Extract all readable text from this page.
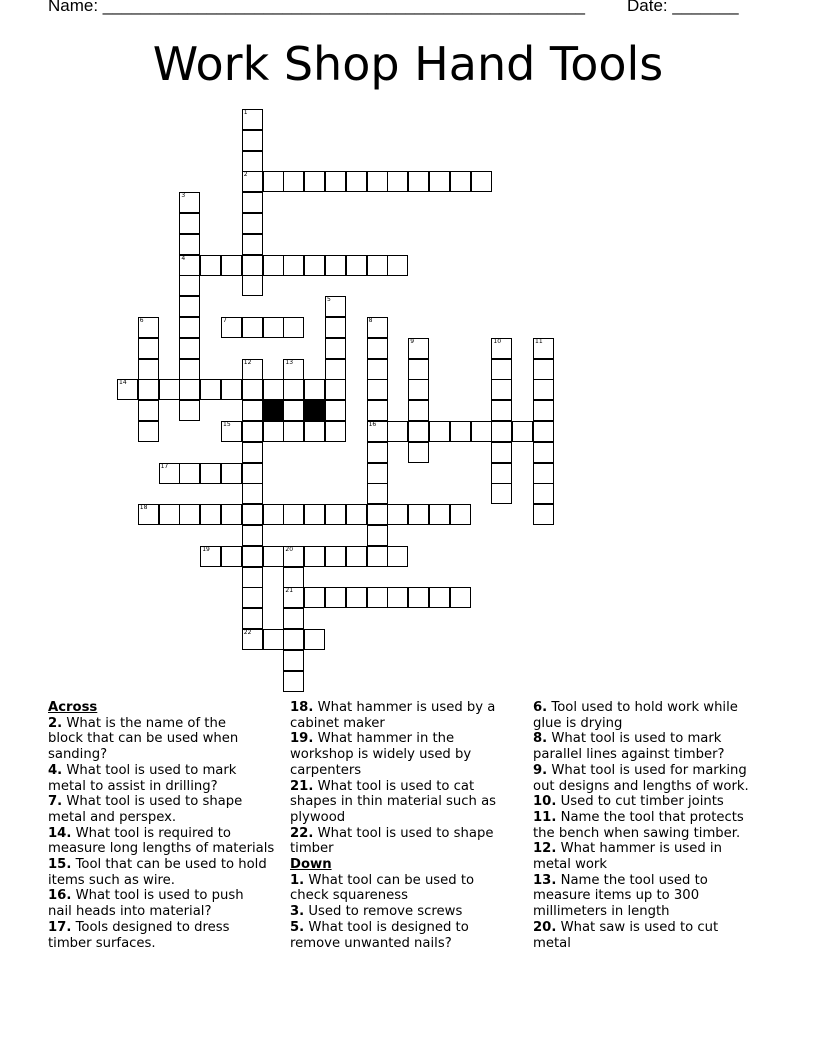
Name: ___________________________________________________ Date: _______
Work Shop Hand Tools
2
4
7
14
15	16
17
18
19	20
21
22
1
3
5
6	8
9	10	11
12	13
Across
2. What is the name of the
block that can be used when
sanding?
4. What tool is used to mark
metal to assist in drilling?
7. What tool is used to shape
metal and perspex.
14. What tool is required to
measure long lengths of materials
15. Tool that can be used to hold
items such as wire.
16. What tool is used to push
nail heads into material?
17. Tools designed to dress
timber surfaces.
18. What hammer is used by a
cabinet maker
19. What hammer in the
workshop is widely used by
carpenters
21. What tool is used to cat
shapes in thin material such as
plywood
22. What tool is used to shape
timber
Down
1. What tool can be used to
check squareness
3. Used to remove screws
5. What tool is designed to
remove unwanted nails?
6. Tool used to hold work while
glue is drying
8. What tool is used to mark
parallel lines against timber?
9. What tool is used for marking
out designs and lengths of work.
10. Used to cut timber joints
11. Name the tool that protects
the bench when sawing timber.
12. What hammer is used in
metal work
13. Name the tool used to
measure items up to 300
millimeters in length
20. What saw is used to cut
metal
